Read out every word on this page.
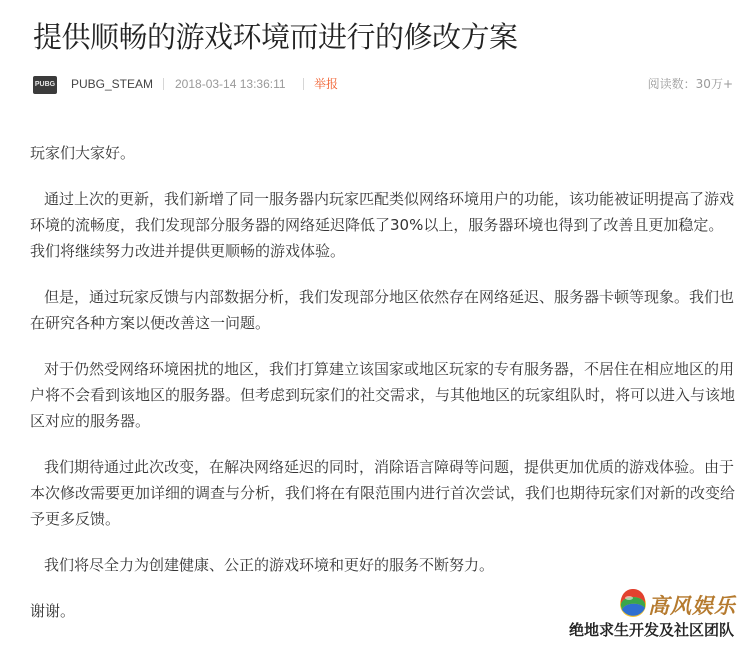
提供顺畅的游戏环境而进行的修改方案
PUBG PUBG_STEAM 2018-03-14 13:36:11 举报	阅读数：30万+

玩家们大家好。

通过上次的更新，我们新增了同一服务器内玩家匹配类似网络环境用户的功能，该功能被证明提高了游戏环境的流畅度，我们发现部分服务器的网络延迟降低了30%以上，服务器环境也得到了改善且更加稳定。我们将继续努力改进并提供更顺畅的游戏体验。

但是，通过玩家反馈与内部数据分析，我们发现部分地区依然存在网络延迟、服务器卡顿等现象。我们也在研究各种方案以便改善这一问题。

对于仍然受网络环境困扰的地区，我们打算建立该国家或地区玩家的专有服务器，不居住在相应地区的用户将不会看到该地区的服务器。但考虑到玩家们的社交需求，与其他地区的玩家组队时，将可以进入与该地区对应的服务器。

我们期待通过此次改变，在解决网络延迟的同时，消除语言障碍等问题，提供更加优质的游戏体验。由于本次修改需要更加详细的调查与分析，我们将在有限范围内进行首次尝试，我们也期待玩家们对新的改变给予更多反馈。

我们将尽全力为创建健康、公正的游戏环境和更好的服务不断努力。

谢谢。	高风娱乐
绝地求生开发及社区团队
